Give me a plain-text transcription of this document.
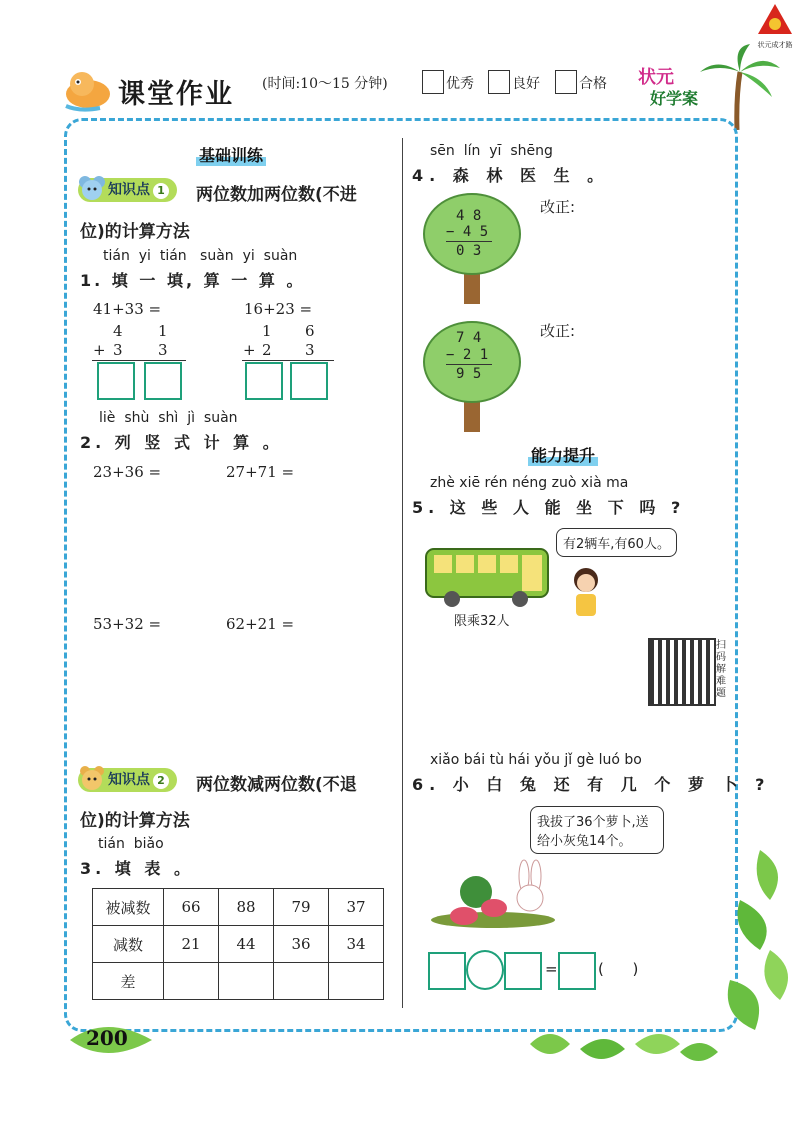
课堂作业 (时间:10～15 分钟)	优秀	良好	合格 状元
好学案
状元成才路
基础训练
知识点 1	两位数加两位数(不进
位)的计算方法
tián yi tián suàn yi suàn
1. 填 一 填, 算 一 算 。
41+33 =	16+23 =
4 1
+ 3 3
1 6
+ 2 3
liè shù shì jì suàn
2. 列 竖 式 计 算 。
23+36 =	27+71 =
53+32 =	62+21 =
知识点 2	两位数减两位数(不退
位)的计算方法
tián biǎo
3. 填 表 。
被减数	66	88	79	37
减数	21	44	36	34
差				
sēn lín yī shēng
4. 森 林 医 生 。
4 8
− 4 5
0 3
改正:
7 4
− 2 1
9 5
改正:
能力提升
zhè xiē rén néng zuò xià ma
5. 这 些 人 能 坐 下 吗 ?
限乘32人
有2辆车,有60人。
扫码解难题
xiǎo bái tù hái yǒu jǐ gè luó bo
6. 小 白 兔 还 有 几 个 萝 卜 ?
我拔了36个萝卜,送给小灰兔14个。
=	(      )
200
